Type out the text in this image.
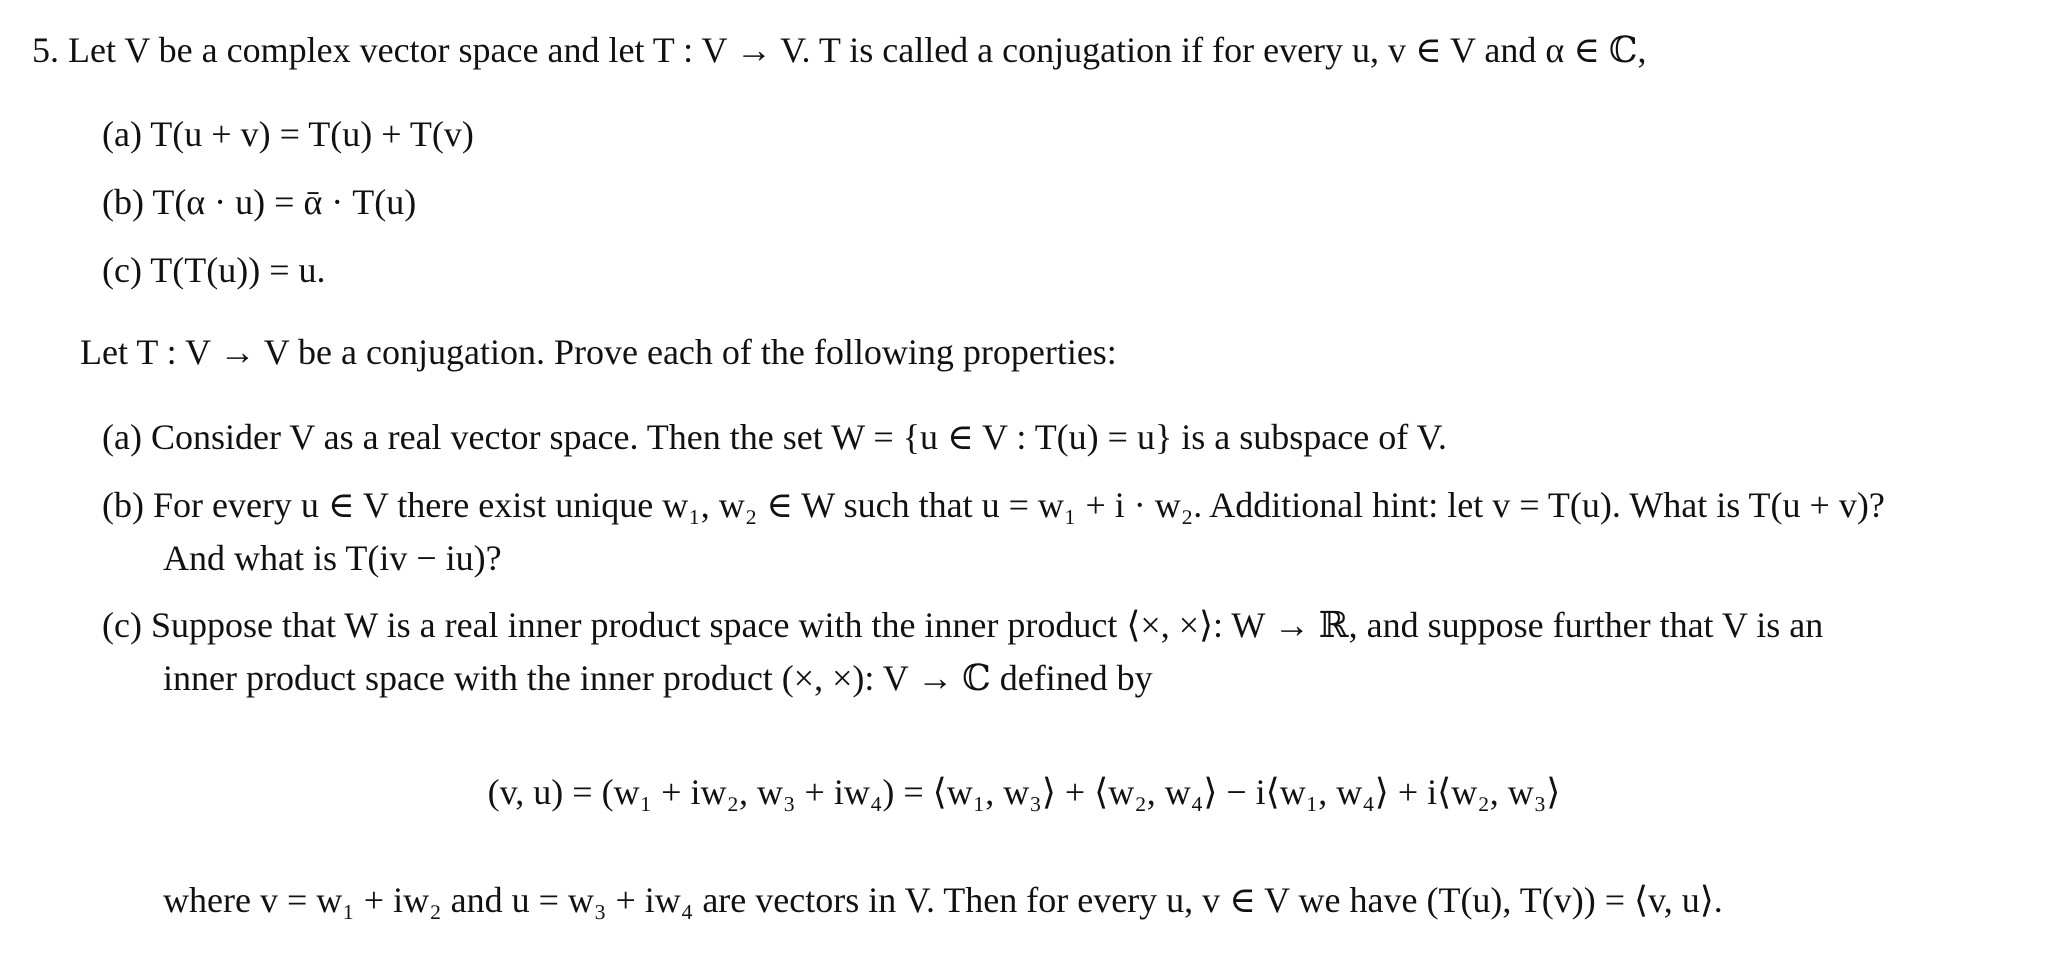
5. Let V be a complex vector space and let T : V → V. T is called a conjugation if for every u, v ∈ V and α ∈ ℂ,
(a) T(u + v) = T(u) + T(v)
(b) T(α · u) = ᾱ · T(u)
(c) T(T(u)) = u.
Let T : V → V be a conjugation. Prove each of the following properties:
(a) Consider V as a real vector space. Then the set W = {u ∈ V : T(u) = u} is a subspace of V.
(b) For every u ∈ V there exist unique w₁, w₂ ∈ W such that u = w₁ + i · w₂. Additional hint: let v = T(u). What is T(u + v)?
And what is T(iv − iu)?
(c) Suppose that W is a real inner product space with the inner product ⟨×, ×⟩: W → ℝ, and suppose further that V is an
inner product space with the inner product (×, ×): V → ℂ defined by
(v, u) = (w₁ + iw₂, w₃ + iw₄) = ⟨w₁, w₃⟩ + ⟨w₂, w₄⟩ − i⟨w₁, w₄⟩ + i⟨w₂, w₃⟩
where v = w₁ + iw₂ and u = w₃ + iw₄ are vectors in V. Then for every u, v ∈ V we have (T(u), T(v)) = ⟨v, u⟩.
